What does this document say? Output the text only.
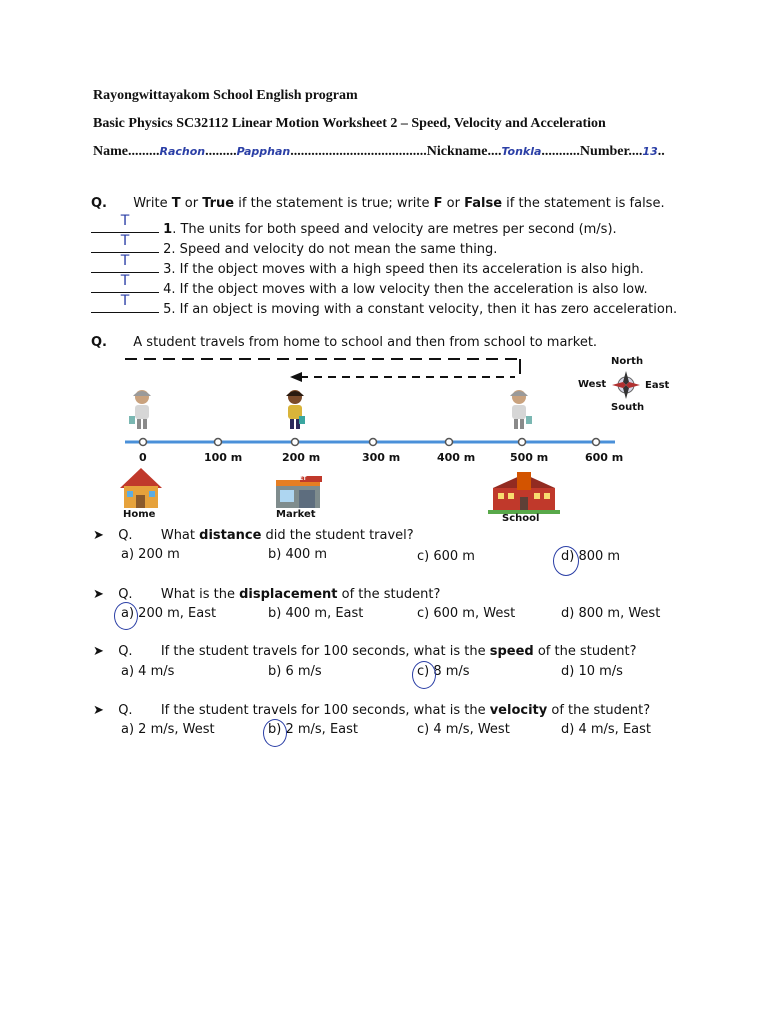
Rayongwittayakom School English program
Basic Physics SC32112 Linear Motion Worksheet 2 – Speed, Velocity and Acceleration
Name.........Rachon.........Papphan.......................................Nickname....Tonkla...........Number....13..
Q. Write T or True if the statement is true; write F or False if the statement is false.
T
1. The units for both speed and velocity are metres per second (m/s).
T
2. Speed and velocity do not mean the same thing.
T
3. If the object moves with a high speed then its acceleration is also high.
T
4. If the object moves with a low velocity then the acceleration is also low.
T
5. If an object is moving with a constant velocity, then it has zero acceleration.
Q. A student travels from home to school and then from school to market.
North
West	East
South
0	100 m	200 m	300 m	400 m	500 m	600 m
MARKET
Home	Market	School
➤ Q. What distance did the student travel?
a) 200 m	b) 400 m	c) 600 m	d) 800 m
➤ Q. What is the displacement of the student?
a) 200 m, East	b) 400 m, East	c) 600 m, West	d) 800 m, West
➤ Q. If the student travels for 100 seconds, what is the speed of the student?
a) 4 m/s	b) 6 m/s	c) 8 m/s	d) 10 m/s
➤ Q. If the student travels for 100 seconds, what is the velocity of the student?
a) 2 m/s, West	b) 2 m/s, East	c) 4 m/s, West	d) 4 m/s, East
